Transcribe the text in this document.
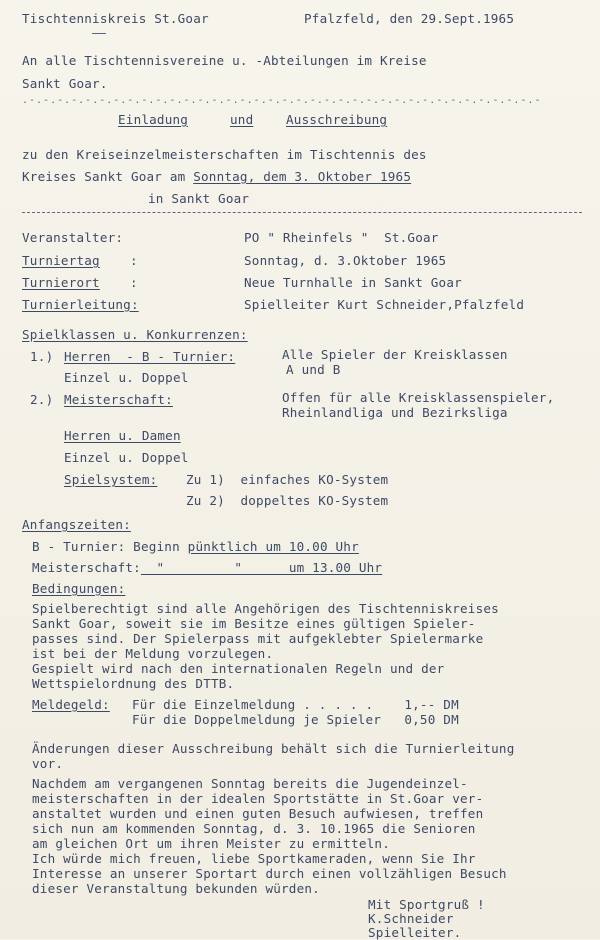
Tischtenniskreis St.Goar	Pfalzfeld, den 29.Sept.1965
An alle Tischtennisvereine u. -Abteilungen im Kreise
Sankt Goar.
.-.-.-.-.-.-.-.-.-.-.-.-.-.-.-.-.-.-.-.-.-.-.-.-.-.-.-.-.-.-.-.-.-.-.-.-.-
Einladung	und	Ausschreibung
zu den Kreiseinzelmeisterschaften im Tischtennis des
Kreises Sankt Goar am Sonntag, dem 3. Oktober 1965
in Sankt Goar
Veranstalter:	PO " Rheinfels "  St.Goar
Turniertag :	Sonntag, d. 3.Oktober 1965
Turnierort :	Neue Turnhalle in Sankt Goar
Turnierleitung:	Spielleiter Kurt Schneider,Pfalzfeld
Spielklassen u. Konkurrenzen:
1.) Herren  - B - Turnier:	Alle Spieler der Kreisklassen
A und B
Einzel u. Doppel
2.) Meisterschaft:	Offen für alle Kreisklassenspieler,
Rheinlandliga und Bezirksliga
Herren u. Damen
Einzel u. Doppel
Spielsystem: Zu 1)  einfaches KO-System
Zu 2)  doppeltes KO-System
Anfangszeiten:
B - Turnier: Beginn pünktlich um 10.00 Uhr
Meisterschaft:  "         "      um 13.00 Uhr
Bedingungen:
Spielberechtigt sind alle Angehörigen des Tischtenniskreises
Sankt Goar, soweit sie im Besitze eines gültigen Spieler-
passes sind. Der Spielerpass mit aufgeklebter Spielermarke
ist bei der Meldung vorzulegen.
Gespielt wird nach den internationalen Regeln und der
Wettspielordnung des DTTB.
Meldegeld: Für die Einzelmeldung . . . . .    1,-- DM
Für die Doppelmeldung je Spieler   0,50 DM
Änderungen dieser Ausschreibung behält sich die Turnierleitung
vor.
Nachdem am vergangenen Sonntag bereits die Jugendeinzel-
meisterschaften in der idealen Sportstätte in St.Goar ver-
anstaltet wurden und einen guten Besuch aufwiesen, treffen
sich nun am kommenden Sonntag, d. 3. 10.1965 die Senioren
am gleichen Ort um ihren Meister zu ermitteln.
Ich würde mich freuen, liebe Sportkameraden, wenn Sie Ihr
Interesse an unserer Sportart durch einen vollzähligen Besuch
dieser Veranstaltung bekunden würden.
Mit Sportgruß !
K.Schneider
Spielleiter.
